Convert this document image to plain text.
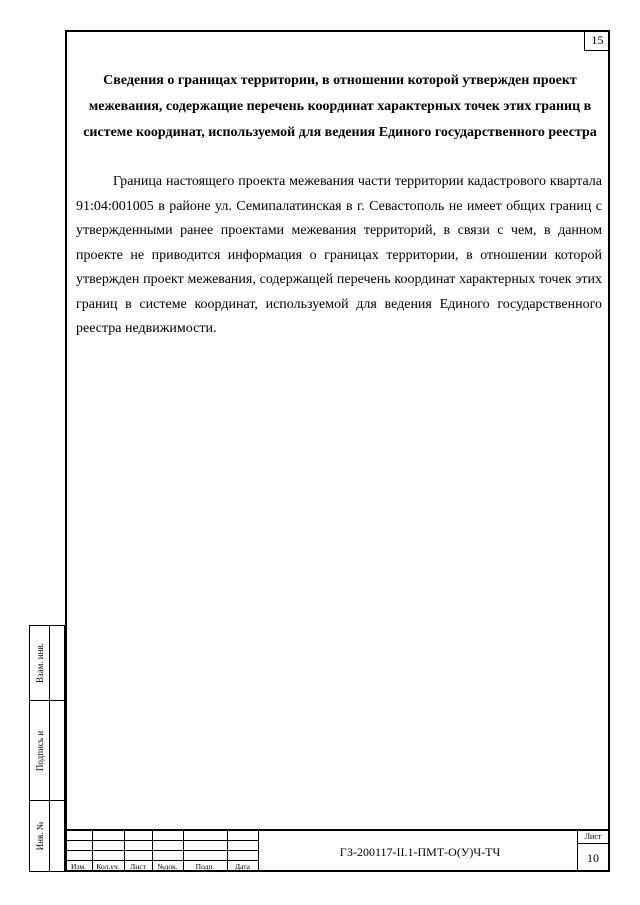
15
Сведения о границах территории, в отношении которой утвержден проект межевания, содержащие перечень координат характерных точек этих границ в системе координат, используемой для ведения Единого государственного реестра
Граница настоящего проекта межевания части территории кадастрового квартала 91:04:001005 в районе ул. Семипалатинская в г. Севастополь не имеет общих границ с утвержденными ранее проектами межевания территорий, в связи с чем, в данном проекте не приводится информация о границах территории, в отношении которой утвержден проект межевания, содержащей перечень координат характерных точек этих границ в системе координат, используемой для ведения Единого государственного реестра недвижимости.
Взам. инв.
Подпись и
Инв. №
Изм.	Кол.уч.	Лист	№док.	Подп.	Дата
ГЗ-200117-II.1-ПМТ-О(У)Ч-ТЧ
Лист
10
